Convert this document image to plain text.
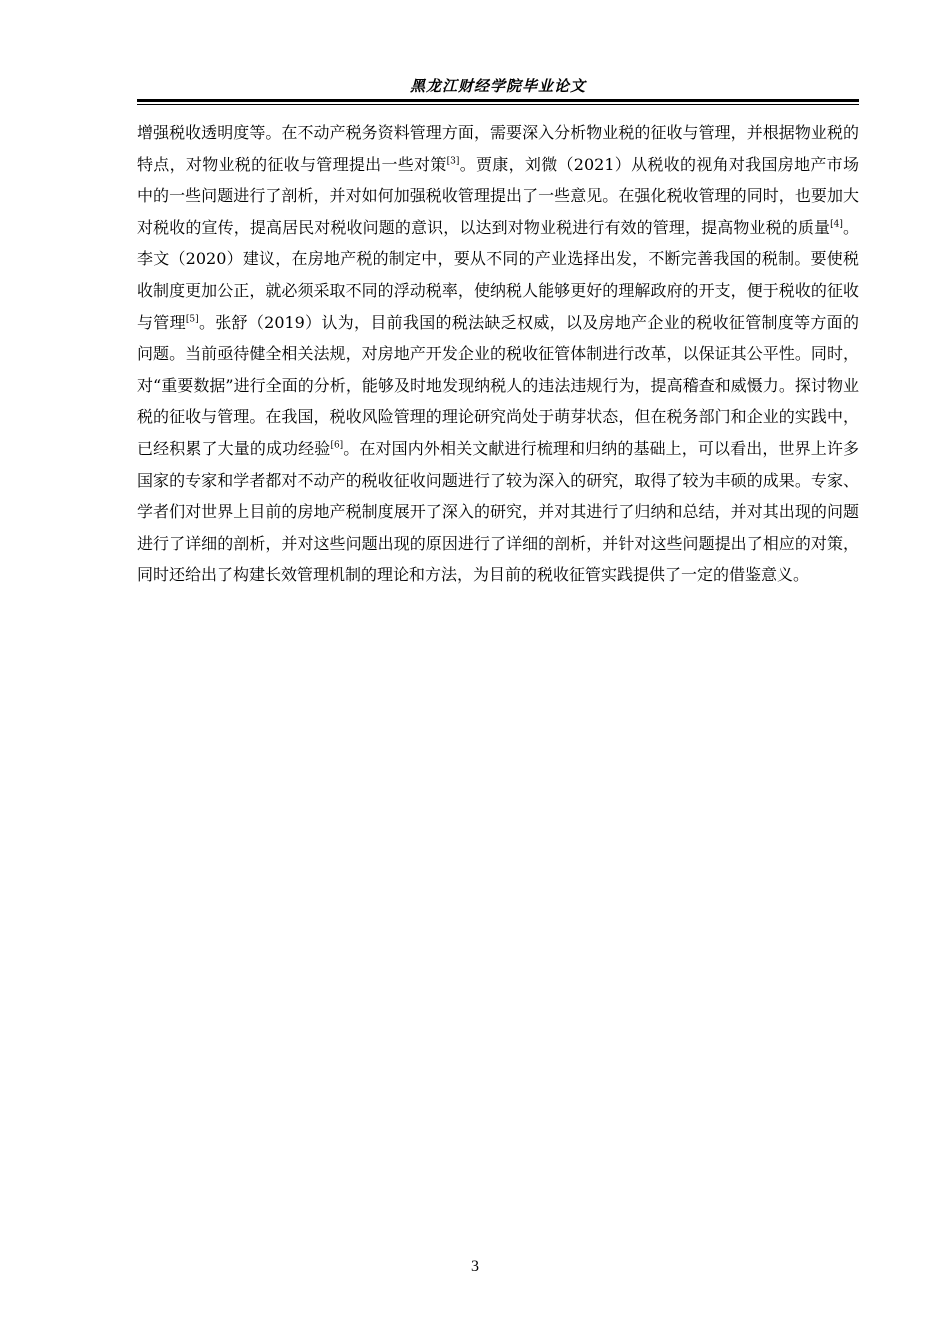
黑龙江财经学院毕业论文

增强税收透明度等。在不动产税务资料管理方面，需要深入分析物业税的征收与管理，并根据物业税的特点，对物业税的征收与管理提出一些对策[3]。贾康，刘微（2021）从税收的视角对我国房地产市场中的一些问题进行了剖析，并对如何加强税收管理提出了一些意见。在强化税收管理的同时，也要加大对税收的宣传，提高居民对税收问题的意识，以达到对物业税进行有效的管理，提高物业税的质量[4]。李文（2020）建议，在房地产税的制定中，要从不同的产业选择出发，不断完善我国的税制。要使税收制度更加公正，就必须采取不同的浮动税率，使纳税人能够更好的理解政府的开支，便于税收的征收与管理[5]。张舒（2019）认为，目前我国的税法缺乏权威，以及房地产企业的税收征管制度等方面的问题。当前亟待健全相关法规，对房地产开发企业的税收征管体制进行改革，以保证其公平性。同时，对“重要数据”进行全面的分析，能够及时地发现纳税人的违法违规行为，提高稽查和威慑力。探讨物业税的征收与管理。在我国，税收风险管理的理论研究尚处于萌芽状态，但在税务部门和企业的实践中，已经积累了大量的成功经验[6]。在对国内外相关文献进行梳理和归纳的基础上，可以看出，世界上许多国家的专家和学者都对不动产的税收征收问题进行了较为深入的研究，取得了较为丰硕的成果。专家、学者们对世界上目前的房地产税制度展开了深入的研究，并对其进行了归纳和总结，并对其出现的问题进行了详细的剖析，并对这些问题出现的原因进行了详细的剖析，并针对这些问题提出了相应的对策，同时还给出了构建长效管理机制的理论和方法，为目前的税收征管实践提供了一定的借鉴意义。

3
